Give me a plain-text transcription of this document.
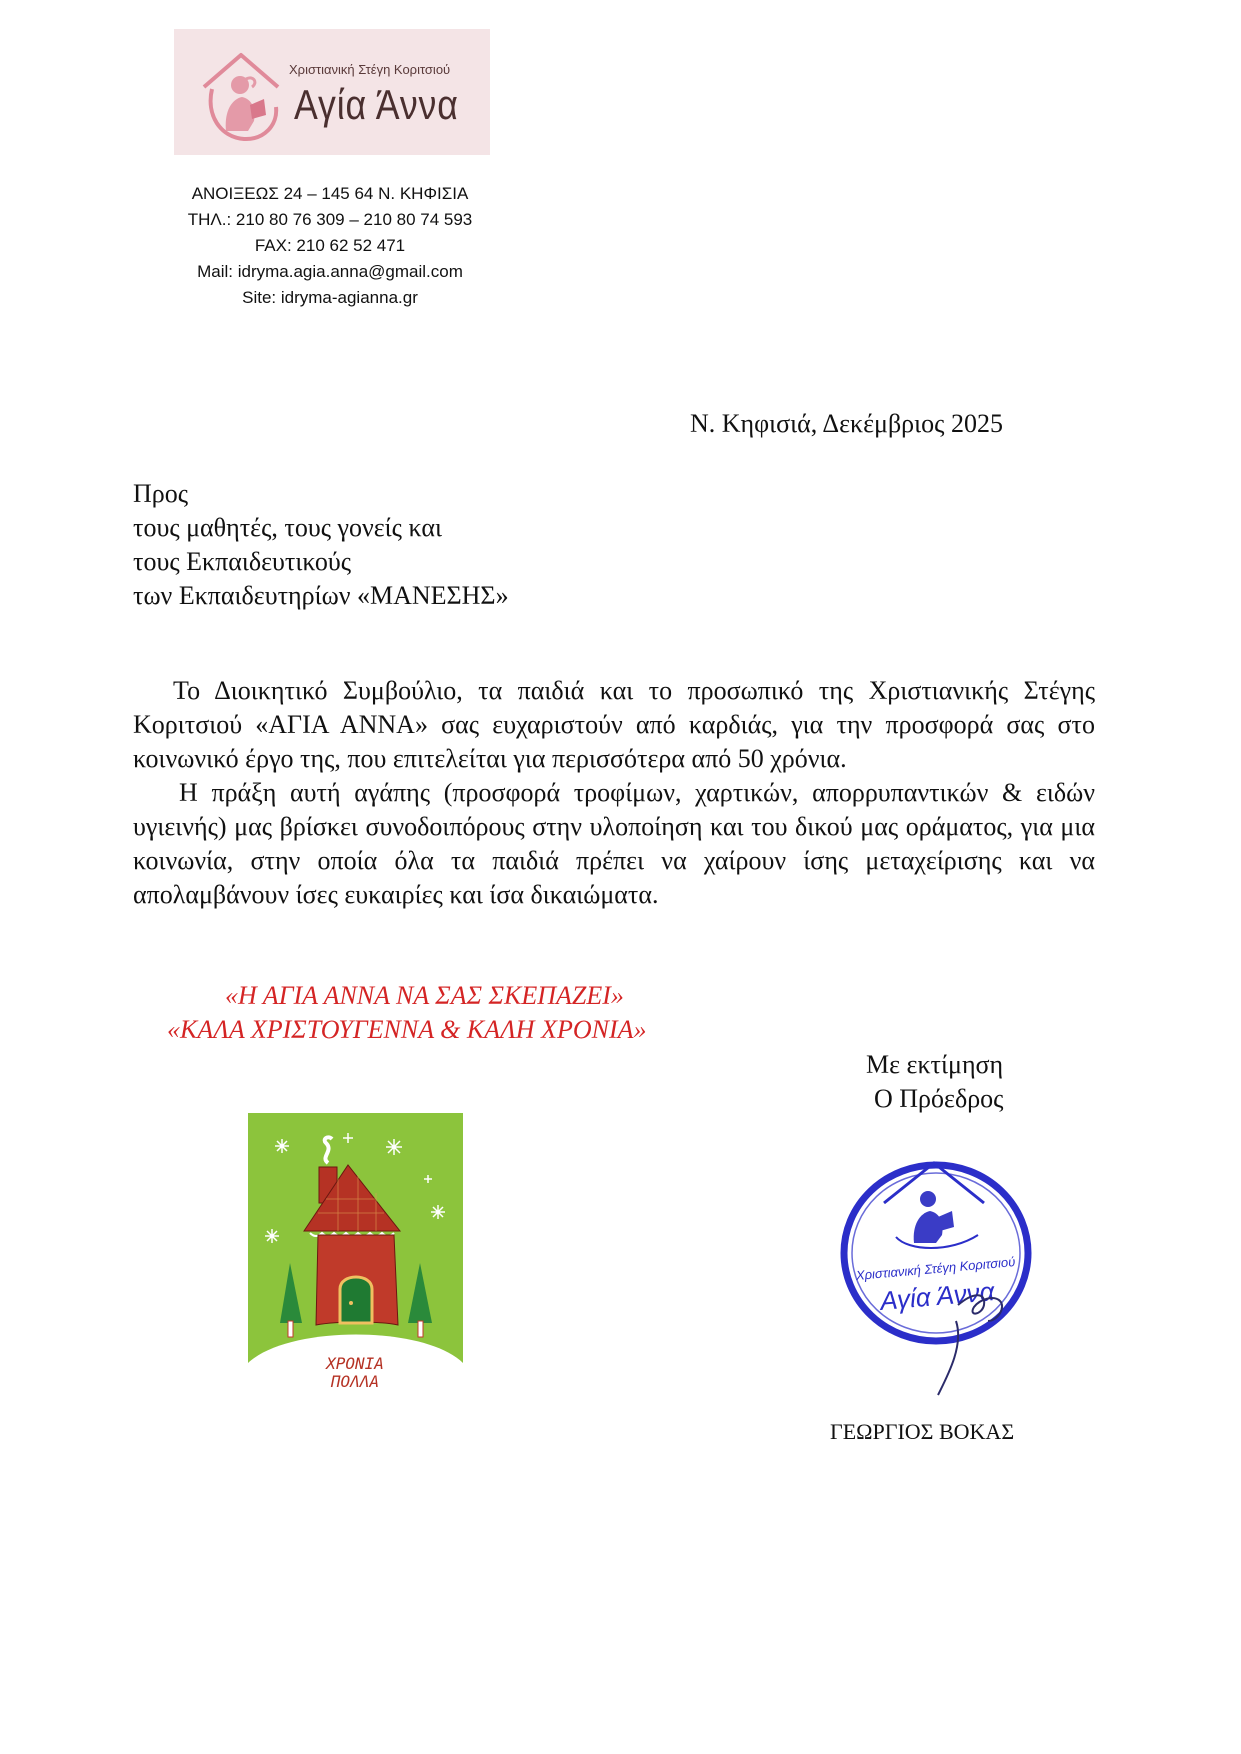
Χριστιανική Στέγη Κοριτσιού
Αγία Άννα
ΑΝΟΙΞΕΩΣ 24 – 145 64 Ν. ΚΗΦΙΣΙΑ
ΤΗΛ.: 210 80 76 309 – 210 80 74 593
FAX: 210 62 52 471
Mail: idryma.agia.anna@gmail.com
Site: idryma-agianna.gr
Ν. Κηφισιά, Δεκέμβριος 2025
Προς
τους μαθητές, τους γονείς και
τους Εκπαιδευτικούς
των Εκπαιδευτηρίων «ΜΑΝΕΣΗΣ»

Το Διοικητικό Συμβούλιο, τα παιδιά και το προσωπικό της Χριστιανικής Στέγης Κοριτσιού «ΑΓΙΑ ΑΝΝΑ» σας ευχαριστούν από καρδιάς, για την προσφορά σας στο κοινωνικό έργο της, που επιτελείται για περισσότερα από 50 χρόνια.

Η πράξη αυτή αγάπης (προσφορά τροφίμων, χαρτικών, απορρυπαντικών & ειδών υγιεινής) μας βρίσκει συνοδοιπόρους στην υλοποίηση και του δικού μας οράματος, για μια κοινωνία, στην οποία όλα τα παιδιά πρέπει να χαίρουν ίσης μεταχείρισης και να απολαμβάνουν ίσες ευκαιρίες και ίσα δικαιώματα.

«Η ΑΓΙΑ ΑΝΝΑ ΝΑ ΣΑΣ ΣΚΕΠΑΖΕΙ»
«ΚΑΛΑ ΧΡΙΣΤΟΥΓΕΝΝΑ & ΚΑΛΗ ΧΡΟΝΙΑ»
Με εκτίμηση
Ο Πρόεδρος
ΧΡΟΝΙΑ
ΠΟΛΛΑ
Χριστιανική Στέγη Κοριτσιού
Αγία Άννα
ΓΕΩΡΓΙΟΣ ΒΟΚΑΣ
